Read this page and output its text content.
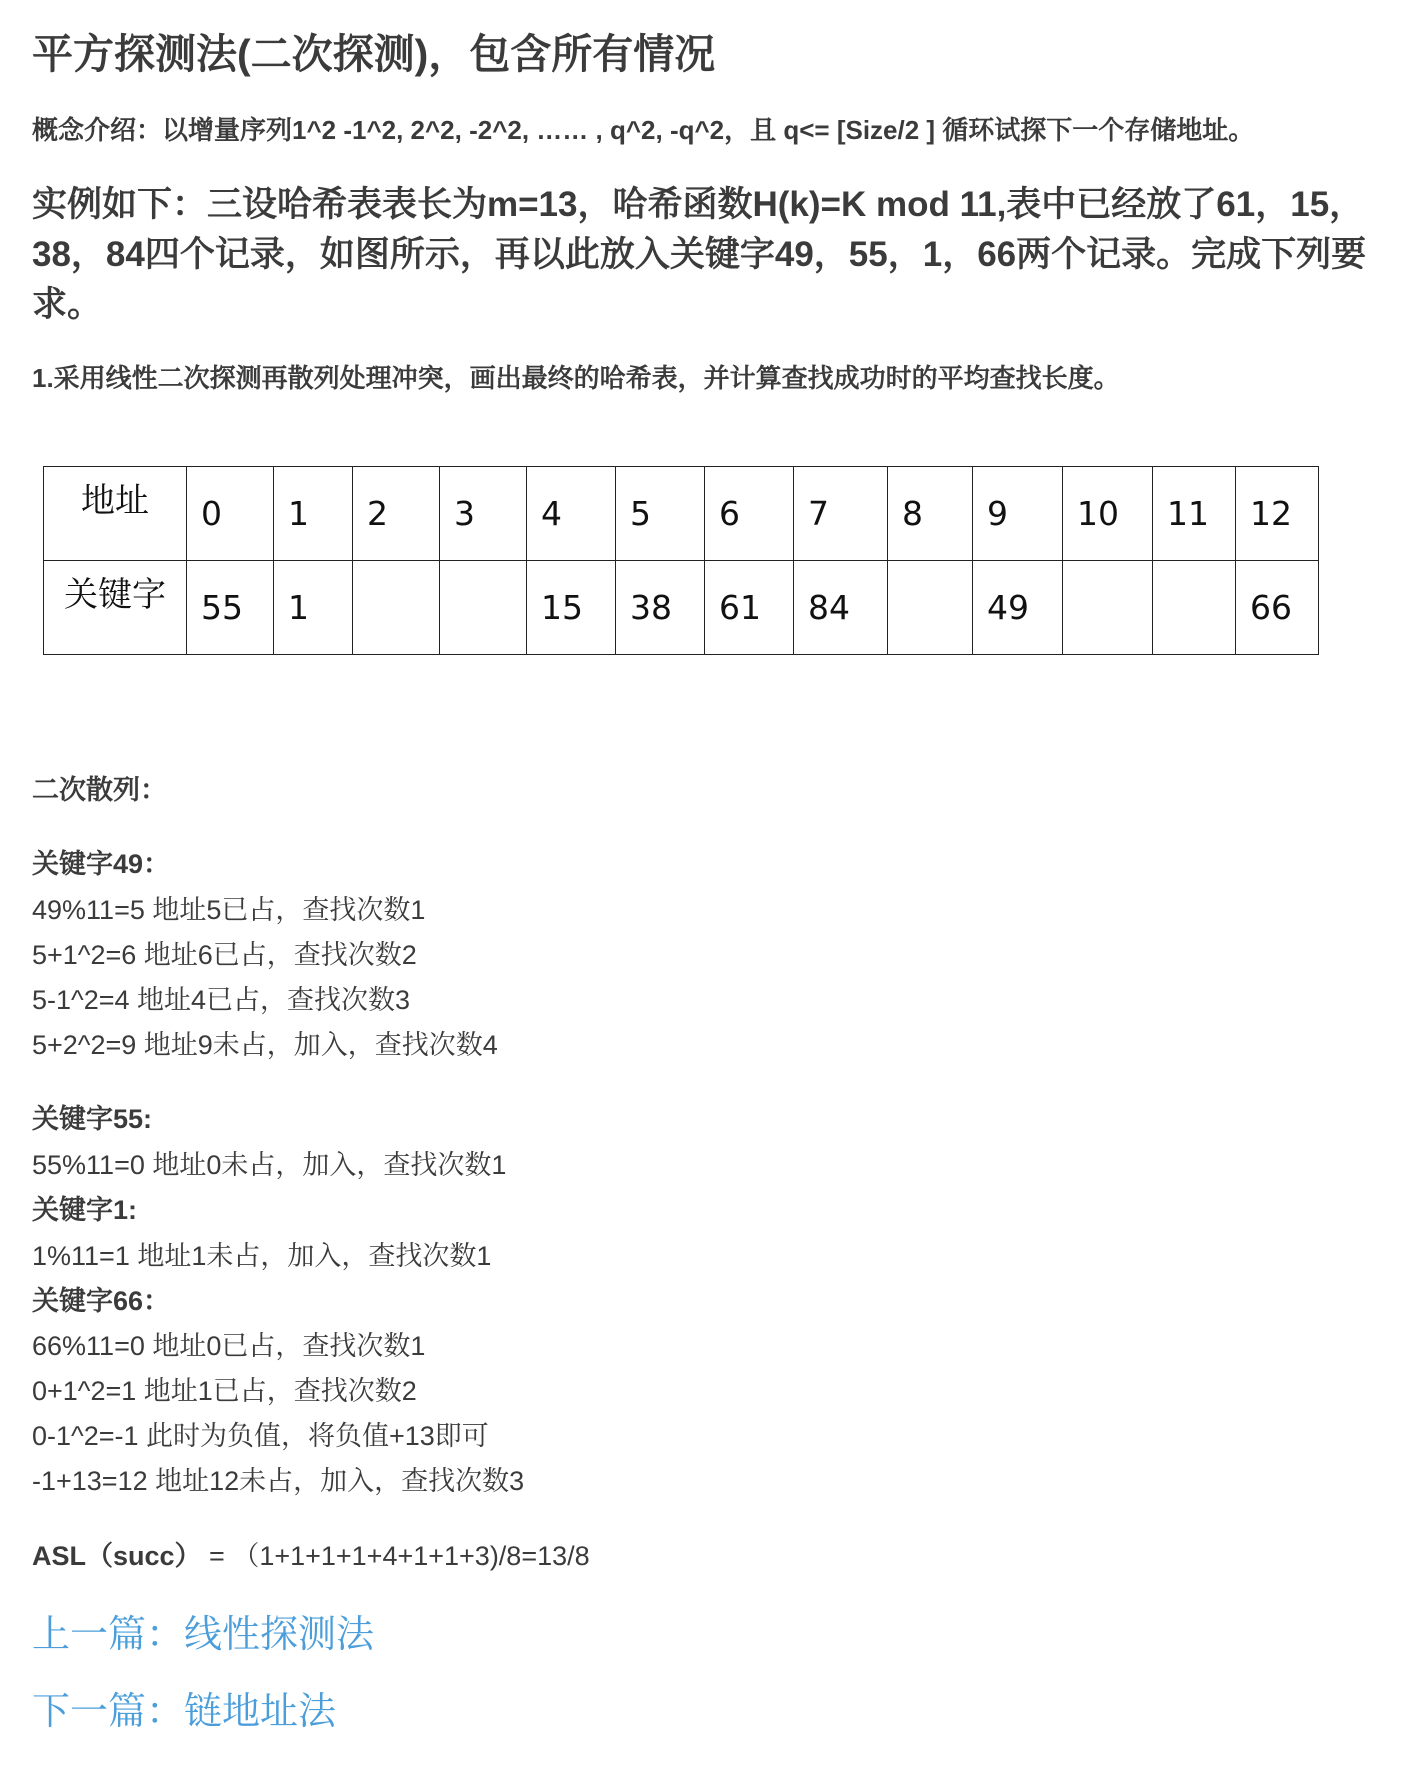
平方探测法(二次探测)，包含所有情况

概念介绍：以增量序列1^2 -1^2, 2^2, -2^2, …… , q^2, -q^2，且 q<= [Size/2 ] 循环试探下一个存储地址。

实例如下：三设哈希表表长为m=13，哈希函数H(k)=K mod 11,表中已经放了61，15，38，84四个记录，如图所示，再以此放入关键字49，55，1，66两个记录。完成下列要求。

1.采用线性二次探测再散列处理冲突，画出最终的哈希表，并计算查找成功时的平均查找长度。

地址	0	1	2	3	4	5	6	7	8	9	10	11	12
关键字	55	1			15	38	61	84		49			66

二次散列：

关键字49：

49%11=5 地址5已占，查找次数1

5+1^2=6 地址6已占，查找次数2

5-1^2=4 地址4已占，查找次数3

5+2^2=9 地址9未占，加入，查找次数4

关键字55:

55%11=0 地址0未占，加入，查找次数1

关键字1:

1%11=1 地址1未占，加入，查找次数1

关键字66：

66%11=0 地址0已占，查找次数1

0+1^2=1 地址1已占，查找次数2

0-1^2=-1 此时为负值，将负值+13即可

-1+13=12 地址12未占，加入，查找次数3

ASL（succ） = （1+1+1+1+4+1+1+3)/8=13/8

上一篇：线性探测法
下一篇：链地址法
